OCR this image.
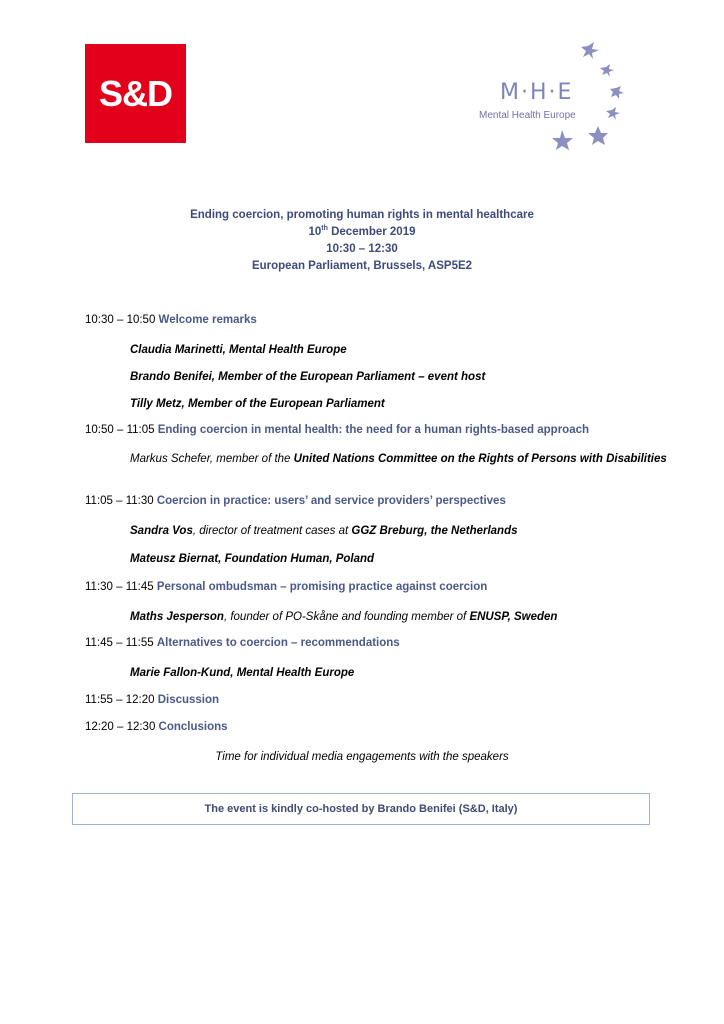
S&D	M·H·E
Mental Health Europe
Ending coercion, promoting human rights in mental healthcare
10th December 2019
10:30 – 12:30
European Parliament, Brussels, ASP5E2
10:30 – 10:50 Welcome remarks
Claudia Marinetti, Mental Health Europe
Brando Benifei, Member of the European Parliament – event host
Tilly Metz, Member of the European Parliament
10:50 – 11:05 Ending coercion in mental health: the need for a human rights-based approach
Markus Schefer, member of the United Nations Committee on the Rights of Persons with Disabilities
11:05 – 11:30 Coercion in practice: users’ and service providers’ perspectives
Sandra Vos, director of treatment cases at GGZ Breburg, the Netherlands
Mateusz Biernat, Foundation Human, Poland
11:30 – 11:45 Personal ombudsman – promising practice against coercion
Maths Jesperson, founder of PO-Skåne and founding member of ENUSP, Sweden
11:45 – 11:55 Alternatives to coercion – recommendations
Marie Fallon-Kund, Mental Health Europe
11:55 – 12:20 Discussion
12:20 – 12:30 Conclusions
Time for individual media engagements with the speakers
The event is kindly co-hosted by Brando Benifei (S&D, Italy)
